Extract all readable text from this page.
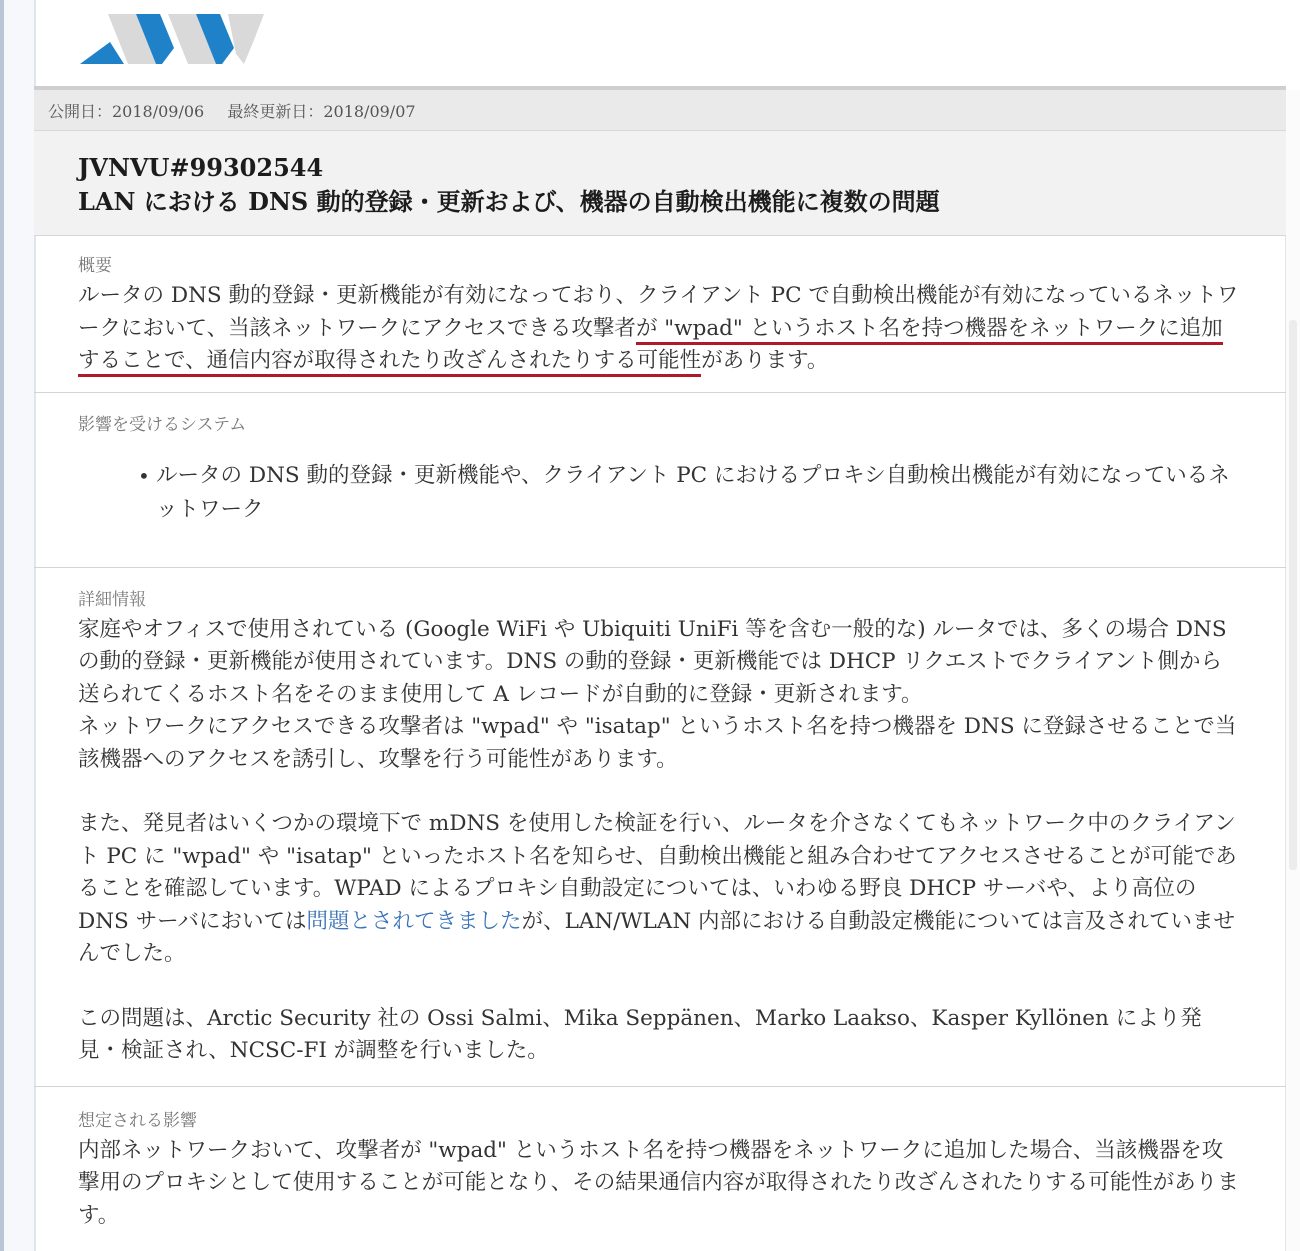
公開日：2018/09/06 最終更新日：2018/09/07
JVNVU#99302544
LAN における DNS 動的登録・更新および、機器の自動検出機能に複数の問題
概要

ルータの DNS 動的登録・更新機能が有効になっており、クライアント PC で自動検出機能が有効になっているネットワークにおいて、当該ネットワークにアクセスできる攻撃者が "wpad" というホスト名を持つ機器をネットワークに追加することで、通信内容が取得されたり改ざんされたりする可能性があります。

影響を受けるシステム
• ルータの DNS 動的登録・更新機能や、クライアント PC におけるプロキシ自動検出機能が有効になっているネットワーク
詳細情報

家庭やオフィスで使用されている (Google WiFi や Ubiquiti UniFi 等を含む一般的な) ルータでは、多くの場合 DNS の動的登録・更新機能が使用されています。DNS の動的登録・更新機能では DHCP リクエストでクライアント側から送られてくるホスト名をそのまま使用して A レコードが自動的に登録・更新されます。

ネットワークにアクセスできる攻撃者は "wpad" や "isatap" というホスト名を持つ機器を DNS に登録させることで当該機器へのアクセスを誘引し、攻撃を行う可能性があります。

また、発見者はいくつかの環境下で mDNS を使用した検証を行い、ルータを介さなくてもネットワーク中のクライアント PC に "wpad" や "isatap" といったホスト名を知らせ、自動検出機能と組み合わせてアクセスさせることが可能であることを確認しています。WPAD によるプロキシ自動設定については、いわゆる野良 DHCP サーバや、より高位の DNS サーバにおいては問題とされてきましたが、LAN/WLAN 内部における自動設定機能については言及されていませんでした。

この問題は、Arctic Security 社の Ossi Salmi、Mika Seppänen、Marko Laakso、Kasper Kyllönen により発見・検証され、NCSC-FI が調整を行いました。

想定される影響

内部ネットワークおいて、攻撃者が "wpad" というホスト名を持つ機器をネットワークに追加した場合、当該機器を攻撃用のプロキシとして使用することが可能となり、その結果通信内容が取得されたり改ざんされたりする可能性があります。
